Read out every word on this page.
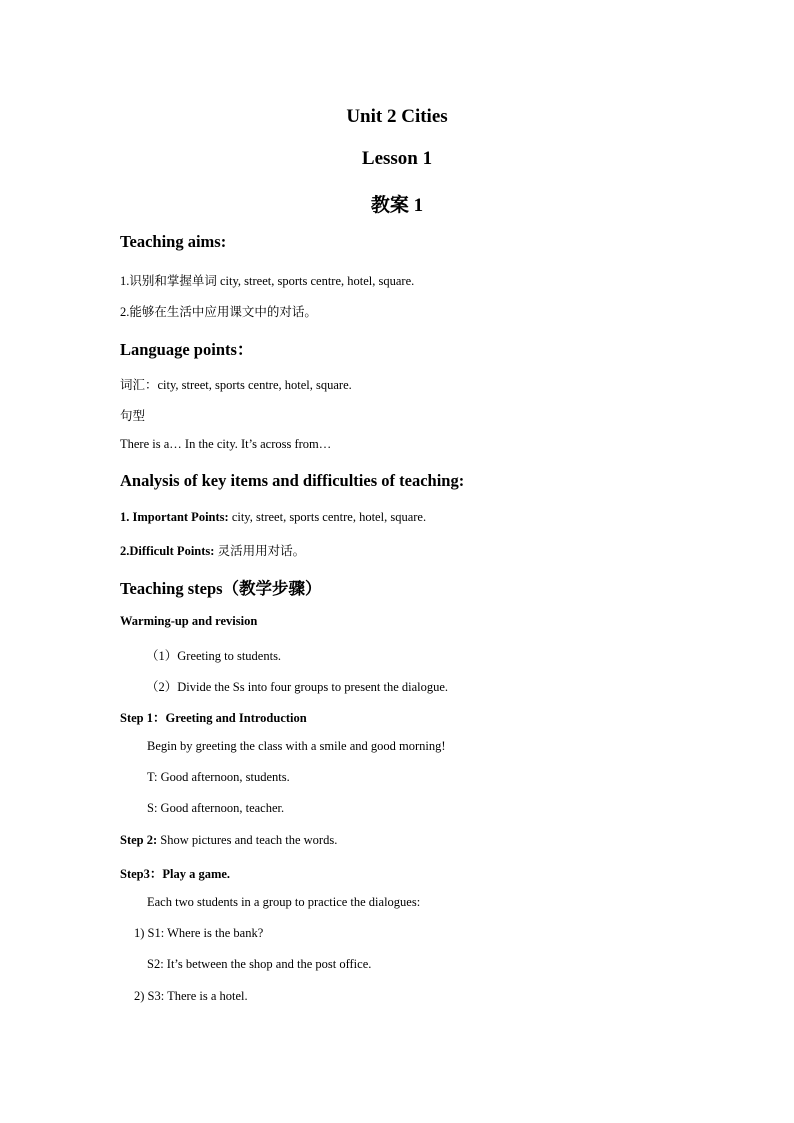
Unit 2 Cities
Lesson 1
教案 1
Teaching aims:
1.识别和掌握单词 city, street, sports centre, hotel, square.
2.能够在生活中应用课文中的对话。
Language points：
词汇：city, street, sports centre, hotel, square.
句型
There is a… In the city. It’s across from…
Analysis of key items and difficulties of teaching:
1. Important Points: city, street, sports centre, hotel, square.
2.Difficult Points: 灵活用用对话。
Teaching steps（教学步骤）
Warming-up and revision
（1）Greeting to students.
（2）Divide the Ss into four groups to present the dialogue.
Step 1：Greeting and Introduction
Begin by greeting the class with a smile and good morning!
T: Good afternoon, students.
S: Good afternoon, teacher.
Step 2: Show pictures and teach the words.
Step3：Play a game.
Each two students in a group to practice the dialogues:
1) S1: Where is the bank?
S2: It’s between the shop and the post office.
2) S3: There is a hotel.
